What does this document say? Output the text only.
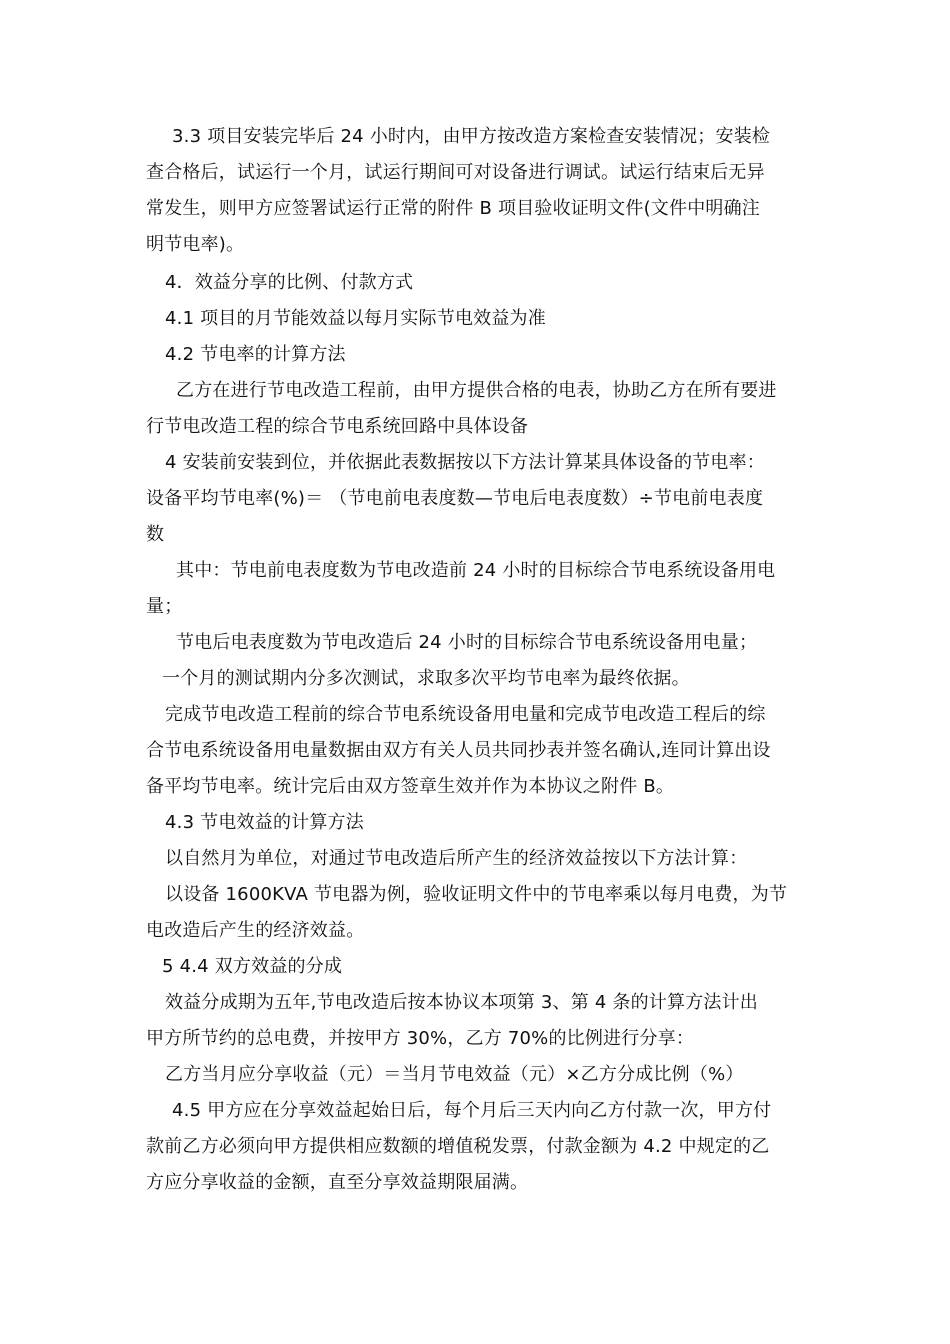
3.3 项目安装完毕后 24 小时内，由甲方按改造方案检查安装情况；安装检
查合格后，试运行一个月，试运行期间可对设备进行调试。试运行结束后无异
常发生，则甲方应签署试运行正常的附件 B 项目验收证明文件(文件中明确注
明节电率)。
4．效益分享的比例、付款方式
4.1 项目的月节能效益以每月实际节电效益为准
4.2 节电率的计算方法
乙方在进行节电改造工程前，由甲方提供合格的电表，协助乙方在所有要进
行节电改造工程的综合节电系统回路中具体设备
4 安装前安装到位，并依据此表数据按以下方法计算某具体设备的节电率：
设备平均节电率(%)＝ （节电前电表度数—节电后电表度数）÷节电前电表度
数
其中：节电前电表度数为节电改造前 24 小时的目标综合节电系统设备用电
量；
节电后电表度数为节电改造后 24 小时的目标综合节电系统设备用电量；
一个月的测试期内分多次测试，求取多次平均节电率为最终依据。
完成节电改造工程前的综合节电系统设备用电量和完成节电改造工程后的综
合节电系统设备用电量数据由双方有关人员共同抄表并签名确认,连同计算出设
备平均节电率。统计完后由双方签章生效并作为本协议之附件 B。
4.3 节电效益的计算方法
以自然月为单位，对通过节电改造后所产生的经济效益按以下方法计算：
以设备 1600KVA 节电器为例，验收证明文件中的节电率乘以每月电费，为节
电改造后产生的经济效益。
5 4.4 双方效益的分成
效益分成期为五年,节电改造后按本协议本项第 3、第 4 条的计算方法计出
甲方所节约的总电费，并按甲方 30%，乙方 70%的比例进行分享：
乙方当月应分享收益（元）＝当月节电效益（元）×乙方分成比例（%）
4.5 甲方应在分享效益起始日后，每个月后三天内向乙方付款一次，甲方付
款前乙方必须向甲方提供相应数额的增值税发票，付款金额为 4.2 中规定的乙
方应分享收益的金额，直至分享效益期限届满。
